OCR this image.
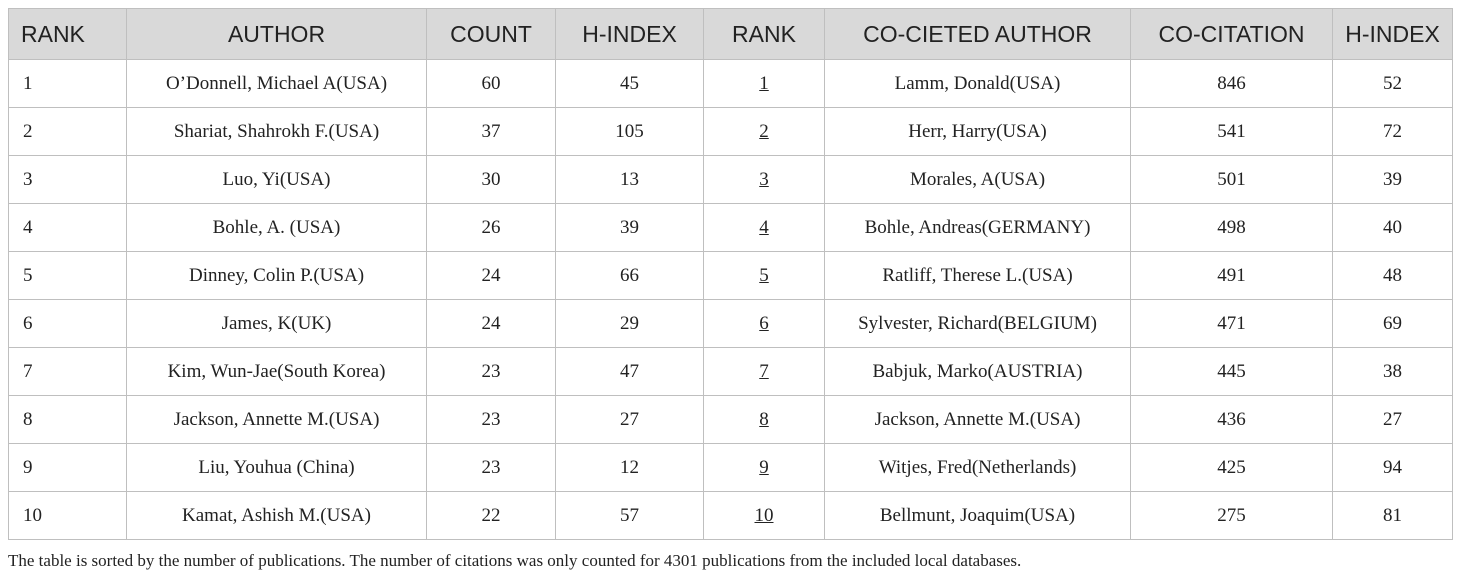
RANK	AUTHOR	COUNT	H-INDEX	RANK	CO-CIETED AUTHOR	CO-CITATION	H-INDEX
1	O’Donnell, Michael A(USA)	60	45	1	Lamm, Donald(USA)	846	52
2	Shariat, Shahrokh F.(USA)	37	105	2	Herr, Harry(USA)	541	72
3	Luo, Yi(USA)	30	13	3	Morales, A(USA)	501	39
4	Bohle, A. (USA)	26	39	4	Bohle, Andreas(GERMANY)	498	40
5	Dinney, Colin P.(USA)	24	66	5	Ratliff, Therese L.(USA)	491	48
6	James, K(UK)	24	29	6	Sylvester, Richard(BELGIUM)	471	69
7	Kim, Wun-Jae(South Korea)	23	47	7	Babjuk, Marko(AUSTRIA)	445	38
8	Jackson, Annette M.(USA)	23	27	8	Jackson, Annette M.(USA)	436	27
9	Liu, Youhua (China)	23	12	9	Witjes, Fred(Netherlands)	425	94
10	Kamat, Ashish M.(USA)	22	57	10	Bellmunt, Joaquim(USA)	275	81
The table is sorted by the number of publications. The number of citations was only counted for 4301 publications from the included local databases.
